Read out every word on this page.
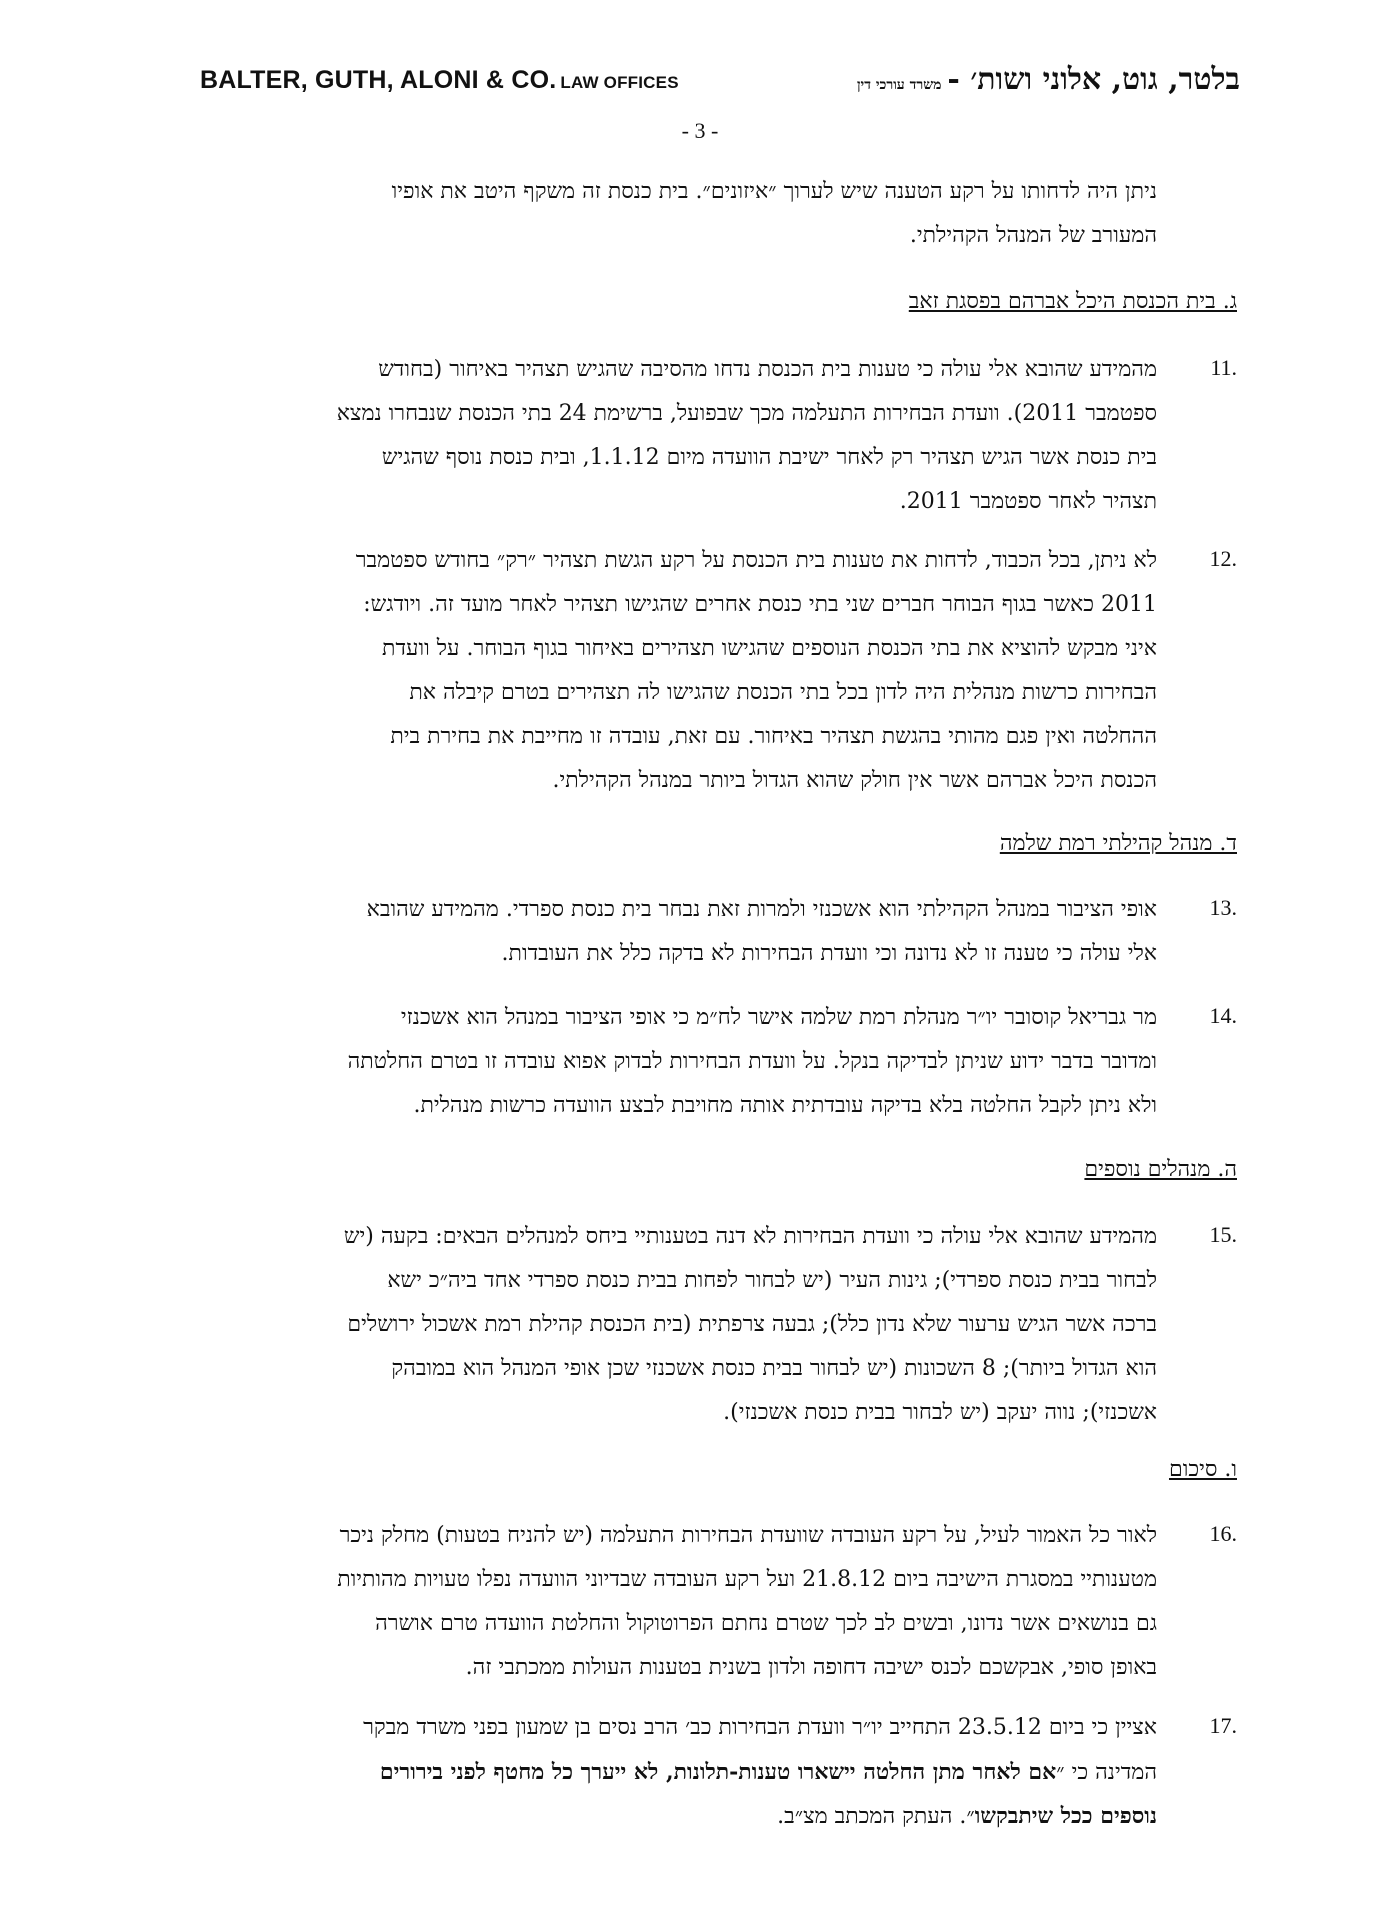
BALTER, GUTH, ALONI & CO. LAW OFFICES	בלטר, גוט, אלוני ושות׳ -משרד עורכי דין
- 3 -
ניתן היה לדחותו על רקע הטענה שיש לערוך ״איזונים״. בית כנסת זה משקף היטב את אופיו
המעורב של המנהל הקהילתי.
ג. בית הכנסת היכל אברהם בפסגת זאב
11.
מהמידע שהובא אלי עולה כי טענות בית הכנסת נדחו מהסיבה שהגיש תצהיר באיחור (בחודש
ספטמבר 2011). וועדת הבחירות התעלמה מכך שבפועל, ברשימת 24 בתי הכנסת שנבחרו נמצא
בית כנסת אשר הגיש תצהיר רק לאחר ישיבת הוועדה מיום 1.1.12, ובית כנסת נוסף שהגיש
תצהיר לאחר ספטמבר 2011.
12.
לא ניתן, בכל הכבוד, לדחות את טענות בית הכנסת על רקע הגשת תצהיר ״רק״ בחודש ספטמבר
2011 כאשר בגוף הבוחר חברים שני בתי כנסת אחרים שהגישו תצהיר לאחר מועד זה. ויודגש:
איני מבקש להוציא את בתי הכנסת הנוספים שהגישו תצהירים באיחור בגוף הבוחר. על וועדת
הבחירות כרשות מנהלית היה לדון בכל בתי הכנסת שהגישו לה תצהירים בטרם קיבלה את
ההחלטה ואין פגם מהותי בהגשת תצהיר באיחור. עם זאת, עובדה זו מחייבת את בחירת בית
הכנסת היכל אברהם אשר אין חולק שהוא הגדול ביותר במנהל הקהילתי.
ד. מנהל קהילתי רמת שלמה
13.
אופי הציבור במנהל הקהילתי הוא אשכנזי ולמרות זאת נבחר בית כנסת ספרדי. מהמידע שהובא
אלי עולה כי טענה זו לא נדונה וכי וועדת הבחירות לא בדקה כלל את העובדות.
14.
מר גבריאל קוסובר יו״ר מנהלת רמת שלמה אישר לח״מ כי אופי הציבור במנהל הוא אשכנזי
ומדובר בדבר ידוע שניתן לבדיקה בנקל. על וועדת הבחירות לבדוק אפוא עובדה זו בטרם החלטתה
ולא ניתן לקבל החלטה בלא בדיקה עובדתית אותה מחויבת לבצע הוועדה כרשות מנהלית.
ה. מנהלים נוספים
15.
מהמידע שהובא אלי עולה כי וועדת הבחירות לא דנה בטענותיי ביחס למנהלים הבאים: בקעה (יש
לבחור בבית כנסת ספרדי); גינות העיר (יש לבחור לפחות בבית כנסת ספרדי אחד ביה״כ ישא
ברכה אשר הגיש ערעור שלא נדון כלל); גבעה צרפתית (בית הכנסת קהילת רמת אשכול ירושלים
הוא הגדול ביותר); 8 השכונות (יש לבחור בבית כנסת אשכנזי שכן אופי המנהל הוא במובהק
אשכנזי); נווה יעקב (יש לבחור בבית כנסת אשכנזי).
ו. סיכום
16.
לאור כל האמור לעיל, על רקע העובדה שוועדת הבחירות התעלמה (יש להניח בטעות) מחלק ניכר
מטענותיי במסגרת הישיבה ביום 21.8.12 ועל רקע העובדה שבדיוני הוועדה נפלו טעויות מהותיות
גם בנושאים אשר נדונו, ובשים לב לכך שטרם נחתם הפרוטוקול והחלטת הוועדה טרם אושרה
באופן סופי, אבקשכם לכנס ישיבה דחופה ולדון בשנית בטענות העולות ממכתבי זה.
17.
אציין כי ביום 23.5.12 התחייב יו״ר וועדת הבחירות כב׳ הרב נסים בן שמעון בפני משרד מבקר
המדינה כי ״אם לאחר מתן החלטה יישארו טענות-תלונות, לא ייערך כל מחטף לפני בירורים
נוספים ככל שיתבקשו״. העתק המכתב מצ״ב.
